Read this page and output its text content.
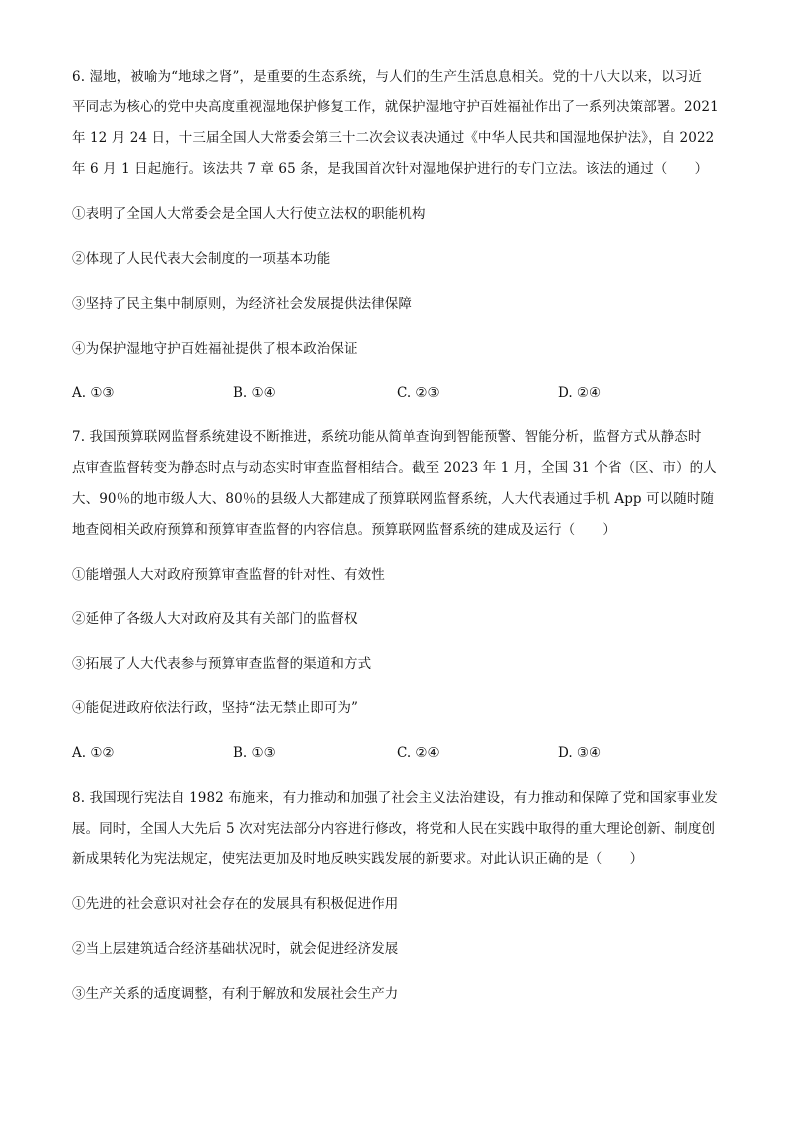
6. 湿地，被喻为“地球之肾”，是重要的生态系统，与人们的生产生活息息相关。党的十八大以来，以习近
平同志为核心的党中央高度重视湿地保护修复工作，就保护湿地守护百姓福祉作出了一系列决策部署。2021
年 12 月 24 日，十三届全国人大常委会第三十二次会议表决通过《中华人民共和国湿地保护法》，自 2022
年 6 月 1 日起施行。该法共 7 章 65 条，是我国首次针对湿地保护进行的专门立法。该法的通过（　　）
①表明了全国人大常委会是全国人大行使立法权的职能机构
②体现了人民代表大会制度的一项基本功能
③坚持了民主集中制原则，为经济社会发展提供法律保障
④为保护湿地守护百姓福祉提供了根本政治保证
A. ①③	B. ①④	C. ②③	D. ②④
7. 我国预算联网监督系统建设不断推进，系统功能从简单查询到智能预警、智能分析，监督方式从静态时
点审查监督转变为静态时点与动态实时审查监督相结合。截至 2023 年 1 月，全国 31 个省（区、市）的人
大、90％的地市级人大、80％的县级人大都建成了预算联网监督系统，人大代表通过手机 App 可以随时随
地查阅相关政府预算和预算审查监督的内容信息。预算联网监督系统的建成及运行（　　）
①能增强人大对政府预算审查监督的针对性、有效性
②延伸了各级人大对政府及其有关部门的监督权
③拓展了人大代表参与预算审查监督的渠道和方式
④能促进政府依法行政，坚持“法无禁止即可为”
A. ①②	B. ①③	C. ②④	D. ③④
8. 我国现行宪法自 1982 布施来，有力推动和加强了社会主义法治建设，有力推动和保障了党和国家事业发
展。同时，全国人大先后 5 次对宪法部分内容进行修改，将党和人民在实践中取得的重大理论创新、制度创
新成果转化为宪法规定，使宪法更加及时地反映实践发展的新要求。对此认识正确的是（　　）
①先进的社会意识对社会存在的发展具有积极促进作用
②当上层建筑适合经济基础状况时，就会促进经济发展
③生产关系的适度调整，有利于解放和发展社会生产力
